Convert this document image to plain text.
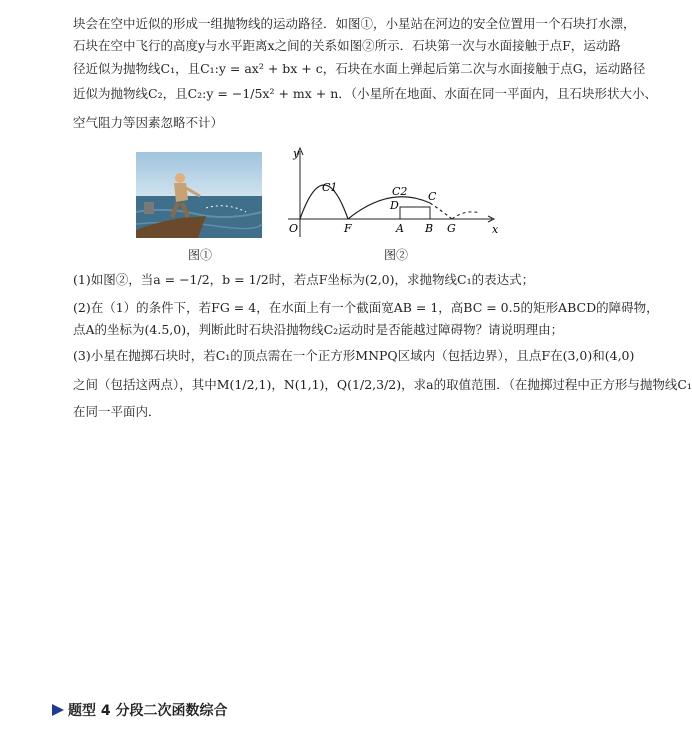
块会在空中近似的形成一组抛物线的运动路径．如图①，小星站在河边的安全位置用一个石块打水漂，
石块在空中飞行的高度y与水平距离x之间的关系如图②所示．石块第一次与水面接触于点F，运动路
径近似为抛物线C₁，且C₁:y = ax² + bx + c，石块在水面上弹起后第二次与水面接触于点G，运动路径
近似为抛物线C₂，且C₂:y = −1/5x² + mx + n．（小星所在地面、水面在同一平面内，且石块形状大小、
空气阻力等因素忽略不计）
图①
y
x
O	F	A B G
C1	C2 C
D
图②
(1)如图②，当a = −1/2，b = 1/2时，若点F坐标为(2,0)，求抛物线C₁的表达式；
(2)在（1）的条件下，若FG = 4，在水面上有一个截面宽AB = 1，高BC = 0.5的矩形ABCD的障碍物，
点A的坐标为(4.5,0)，判断此时石块沿抛物线C₂运动时是否能越过障碍物？请说明理由；
(3)小星在抛掷石块时，若C₁的顶点需在一个正方形MNPQ区域内（包括边界），且点F在(3,0)和(4,0)
之间（包括这两点），其中M(1/2,1)，N(1,1)，Q(1/2,3/2)，求a的取值范围．（在抛掷过程中正方形与抛物线C₁
在同一平面内．
题型 4 分段二次函数综合
